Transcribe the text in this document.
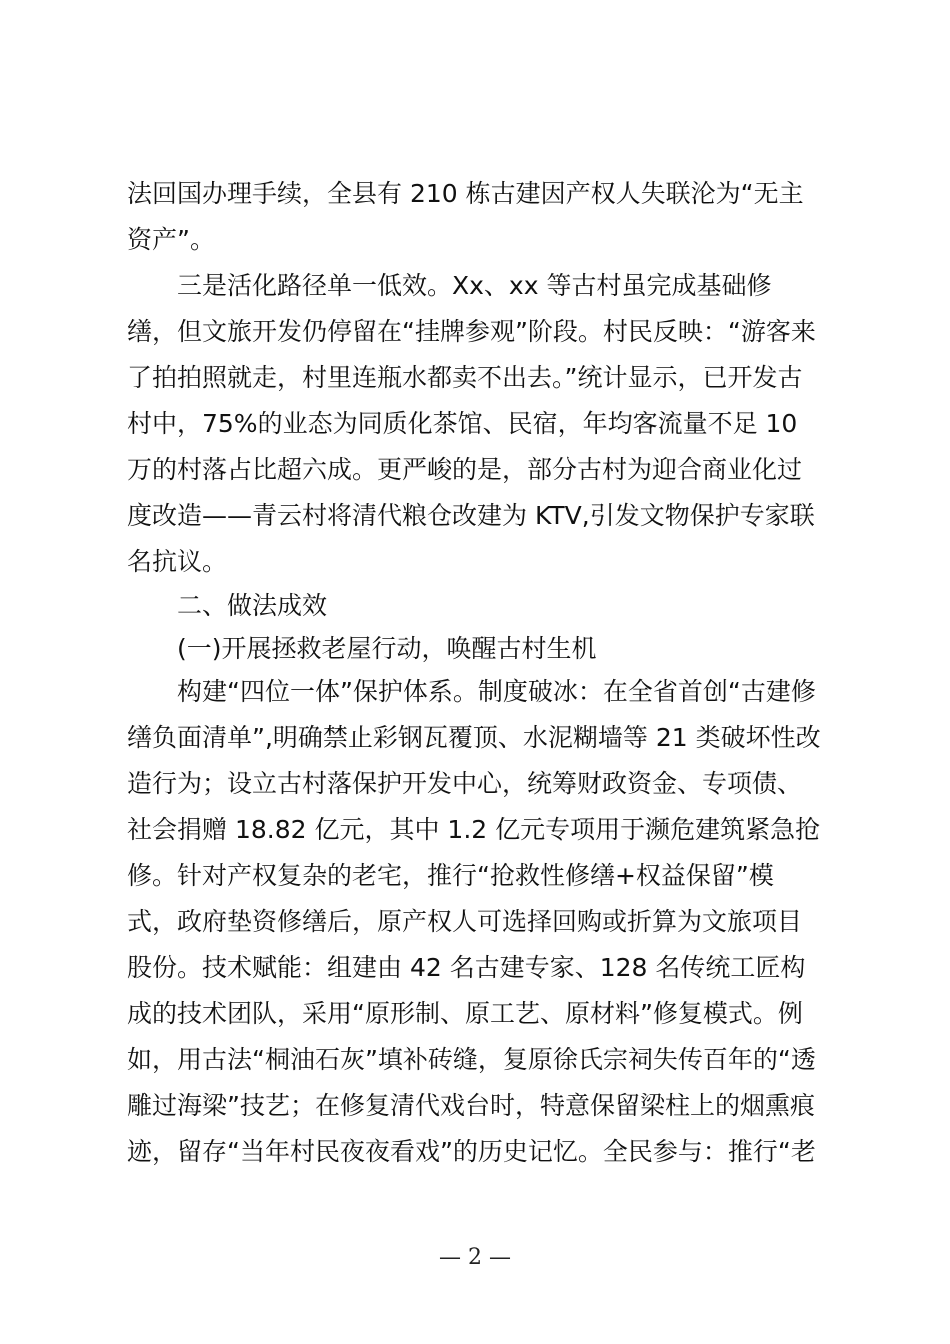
法回国办理手续，全县有 210 栋古建因产权人失联沦为“无主
资产”。
三是活化路径单一低效。Xx、xx 等古村虽完成基础修
缮，但文旅开发仍停留在“挂牌参观”阶段。村民反映：“游客来
了拍拍照就走，村里连瓶水都卖不出去。”统计显示，已开发古
村中，75%的业态为同质化茶馆、民宿，年均客流量不足 10
万的村落占比超六成。更严峻的是，部分古村为迎合商业化过
度改造——青云村将清代粮仓改建为 KTV,引发文物保护专家联
名抗议。
二、做法成效
(一)开展拯救老屋行动，唤醒古村生机
构建“四位一体”保护体系。制度破冰：在全省首创“古建修
缮负面清单”,明确禁止彩钢瓦覆顶、水泥糊墙等 21 类破坏性改
造行为；设立古村落保护开发中心，统筹财政资金、专项债、
社会捐赠 18.82 亿元，其中 1.2 亿元专项用于濒危建筑紧急抢
修。针对产权复杂的老宅，推行“抢救性修缮+权益保留”模
式，政府垫资修缮后，原产权人可选择回购或折算为文旅项目
股份。技术赋能：组建由 42 名古建专家、128 名传统工匠构
成的技术团队，采用“原形制、原工艺、原材料”修复模式。例
如，用古法“桐油石灰”填补砖缝，复原徐氏宗祠失传百年的“透
雕过海梁”技艺；在修复清代戏台时，特意保留梁柱上的烟熏痕
迹，留存“当年村民夜夜看戏”的历史记忆。全民参与：推行“老
— 2 —
